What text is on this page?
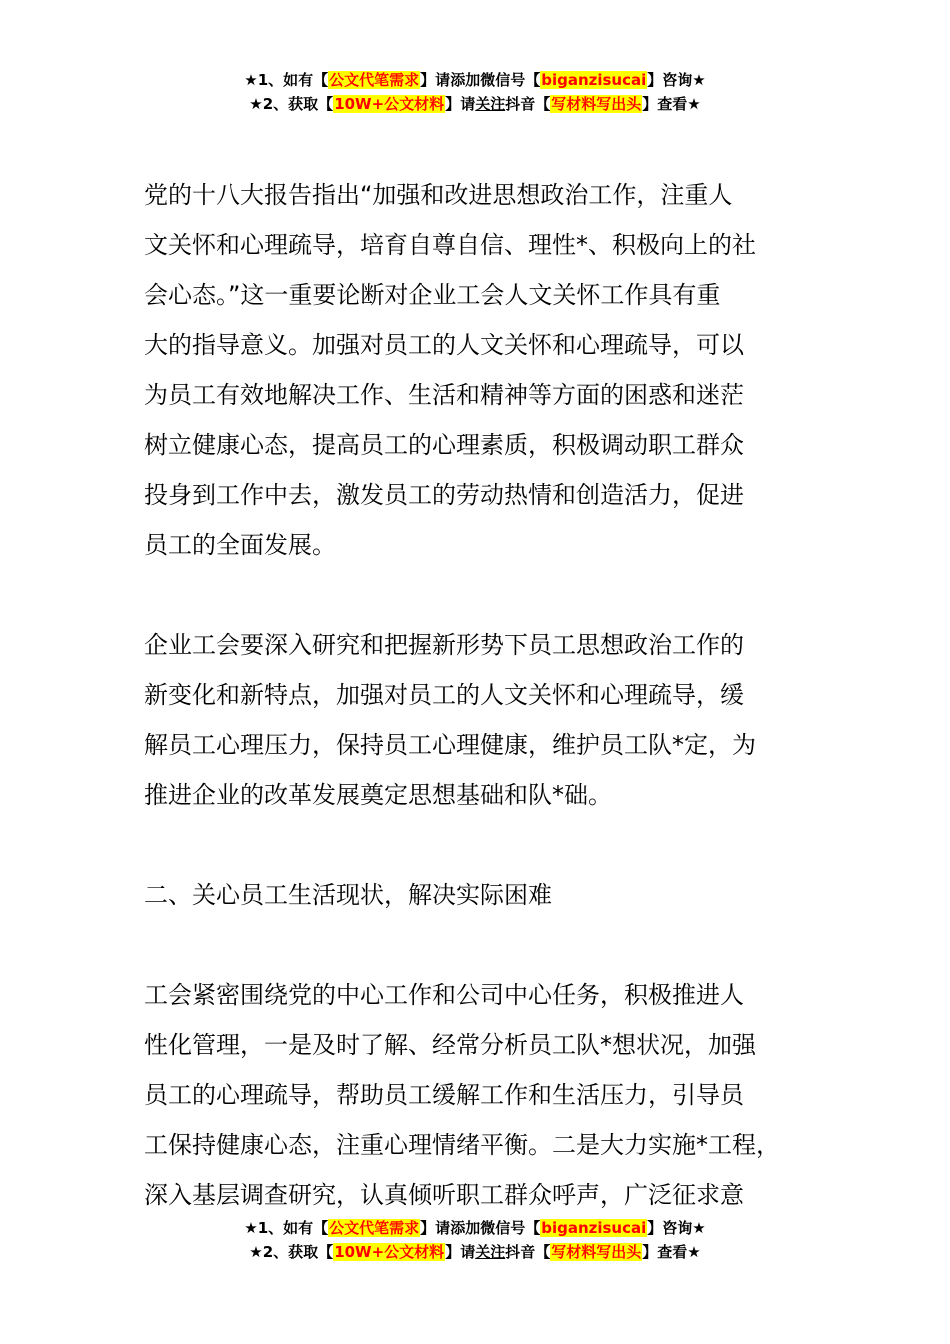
★1、如有【公文代笔需求】请添加微信号【biganzisucai】咨询★
★2、获取【10W+公文材料】请关注抖音【写材料写出头】查看★

党的十八大报告指出“加强和改进思想政治工作，注重人
文关怀和心理疏导，培育自尊自信、理性*、积极向上的社
会心态。”这一重要论断对企业工会人文关怀工作具有重
大的指导意义。加强对员工的人文关怀和心理疏导，可以
为员工有效地解决工作、生活和精神等方面的困惑和迷茫
树立健康心态，提高员工的心理素质，积极调动职工群众
投身到工作中去，激发员工的劳动热情和创造活力，促进
员工的全面发展。

企业工会要深入研究和把握新形势下员工思想政治工作的
新变化和新特点，加强对员工的人文关怀和心理疏导，缓
解员工心理压力，保持员工心理健康，维护员工队*定，为
推进企业的改革发展奠定思想基础和队*础。

二、关心员工生活现状，解决实际困难

工会紧密围绕党的中心工作和公司中心任务，积极推进人
性化管理，一是及时了解、经常分析员工队*想状况，加强
员工的心理疏导，帮助员工缓解工作和生活压力，引导员
工保持健康心态，注重心理情绪平衡。二是大力实施*工程，
深入基层调查研究，认真倾听职工群众呼声，广泛征求意

★1、如有【公文代笔需求】请添加微信号【biganzisucai】咨询★
★2、获取【10W+公文材料】请关注抖音【写材料写出头】查看★
